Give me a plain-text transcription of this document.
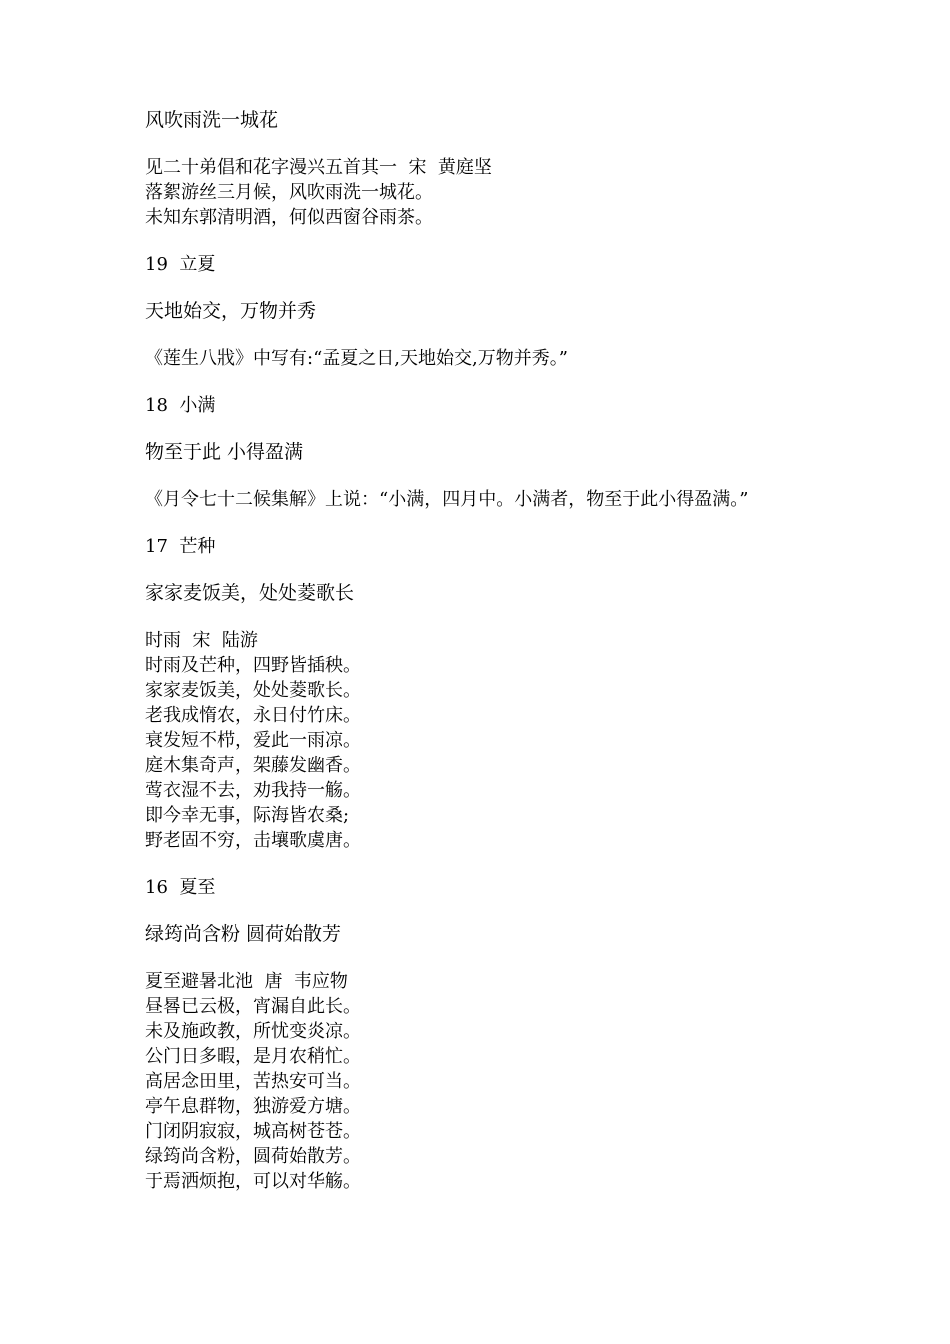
风吹雨洗一城花

见二十弟倡和花字漫兴五首其一  宋  黄庭坚
落絮游丝三月候，风吹雨洗一城花。
未知东郭清明酒，何似西窗谷雨茶。

19  立夏

天地始交，万物并秀

《莲生八戕》中写有:“孟夏之日,天地始交,万物并秀。”

18  小满

物至于此 小得盈满

《月令七十二候集解》上说：“小满，四月中。小满者，物至于此小得盈满。”

17  芒种

家家麦饭美，处处菱歌长

时雨  宋  陆游
时雨及芒种，四野皆插秧。
家家麦饭美，处处菱歌长。
老我成惰农，永日付竹床。
衰发短不栉，爱此一雨凉。
庭木集奇声，架藤发幽香。
莺衣湿不去，劝我持一觞。
即今幸无事，际海皆农桑;
野老固不穷，击壤歌虞唐。

16  夏至

绿筠尚含粉 圆荷始散芳

夏至避暑北池  唐  韦应物
昼晷已云极，宵漏自此长。
未及施政教，所忧变炎凉。
公门日多暇，是月农稍忙。
高居念田里，苦热安可当。
亭午息群物，独游爱方塘。
门闭阴寂寂，城高树苍苍。
绿筠尚含粉，圆荷始散芳。
于焉洒烦抱，可以对华觞。
